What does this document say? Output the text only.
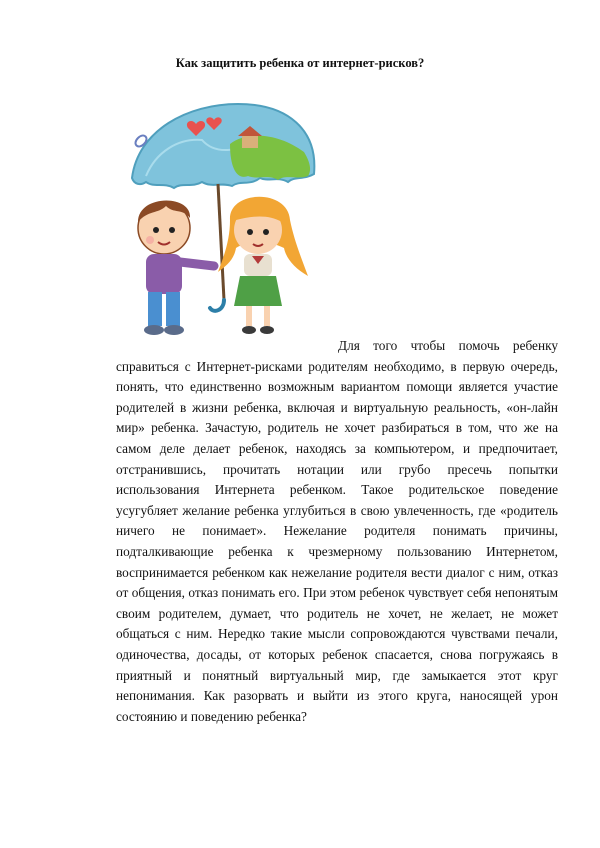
Как защитить ребенка от интернет-рисков?

Для того чтобы помочь ребенку справиться с Интернет-рисками родителям необходимо, в первую очередь, понять, что единственно возможным вариантом помощи является участие родителей в жизни ребенка, включая и виртуальную реальность, «он-лайн мир» ребенка. Зачастую, родитель не хочет разбираться в том, что же на самом деле делает ребенок, находясь за компьютером, и предпочитает, отстранившись, прочитать нотации или грубо пресечь попытки использования Интернета ребенком. Такое родительское поведение усугубляет желание ребенка углубиться в свою увлеченность, где «родитель ничего не понимает». Нежелание родителя понимать причины, подталкивающие ребенка к чрезмерному пользованию Интернетом, воспринимается ребенком как нежелание родителя вести диалог с ним, отказ от общения, отказ понимать его. При этом ребенок чувствует себя непонятым своим родителем, думает, что родитель не хочет, не желает, не может общаться с ним. Нередко такие мысли сопровождаются чувствами печали, одиночества, досады, от которых ребенок спасается, снова погружаясь в приятный и понятный виртуальный мир, где замыкается этот круг непонимания. Как разорвать и выйти из этого круга, наносящей урон состоянию и поведению ребенка?
